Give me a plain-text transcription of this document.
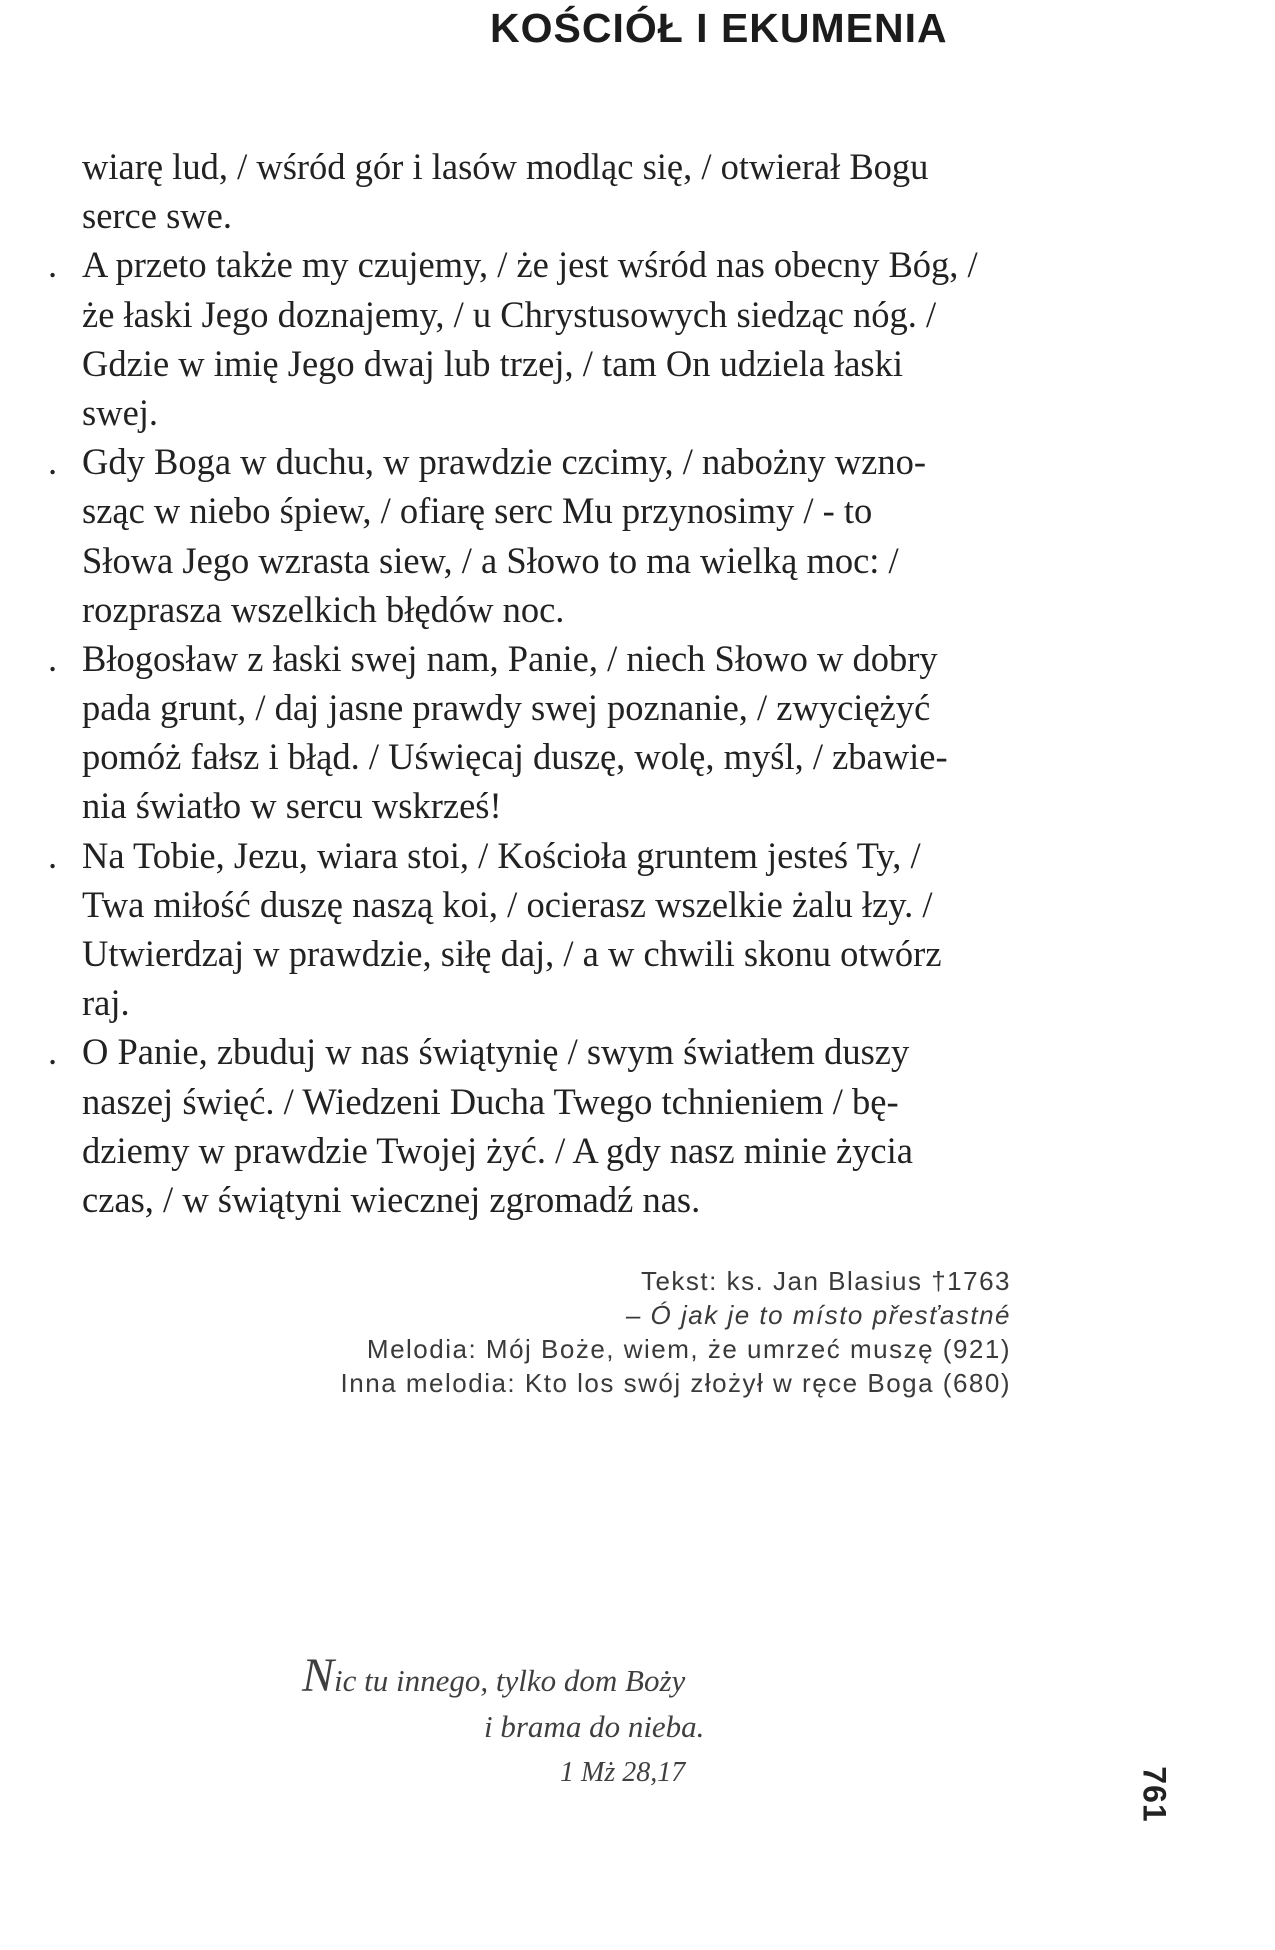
KOŚCIÓŁ I EKUMENIA
wiarę lud, / wśród gór i lasów modląc się, / otwierał Bogu
serce swe.
. A przeto także my czujemy, / że jest wśród nas obecny Bóg, /
że łaski Jego doznajemy, / u Chrystusowych siedząc nóg. /
Gdzie w imię Jego dwaj lub trzej, / tam On udziela łaski
swej.
. Gdy Boga w duchu, w prawdzie czcimy, / nabożny wzno-
sząc w niebo śpiew, / ofiarę serc Mu przynosimy / - to
Słowa Jego wzrasta siew, / a Słowo to ma wielką moc: /
rozprasza wszelkich błędów noc.
. Błogosław z łaski swej nam, Panie, / niech Słowo w dobry
pada grunt, / daj jasne prawdy swej poznanie, / zwyciężyć
pomóż fałsz i błąd. / Uświęcaj duszę, wolę, myśl, / zbawie-
nia światło w sercu wskrześ!
. Na Tobie, Jezu, wiara stoi, / Kościoła gruntem jesteś Ty, /
Twa miłość duszę naszą koi, / ocierasz wszelkie żalu łzy. /
Utwierdzaj w prawdzie, siłę daj, / a w chwili skonu otwórz
raj.
. O Panie, zbuduj w nas świątynię / swym światłem duszy
naszej święć. / Wiedzeni Ducha Twego tchnieniem / bę-
dziemy w prawdzie Twojej żyć. / A gdy nasz minie życia
czas, / w świątyni wiecznej zgromadź nas.
Tekst: ks. Jan Blasius †1763
– Ó jak je to místo přesťastné
Melodia: Mój Boże, wiem, że umrzeć muszę (921)
Inna melodia: Kto los swój złożył w ręce Boga (680)
Nic tu innego, tylko dom Boży
i brama do nieba.
1 Mż 28,17	761
